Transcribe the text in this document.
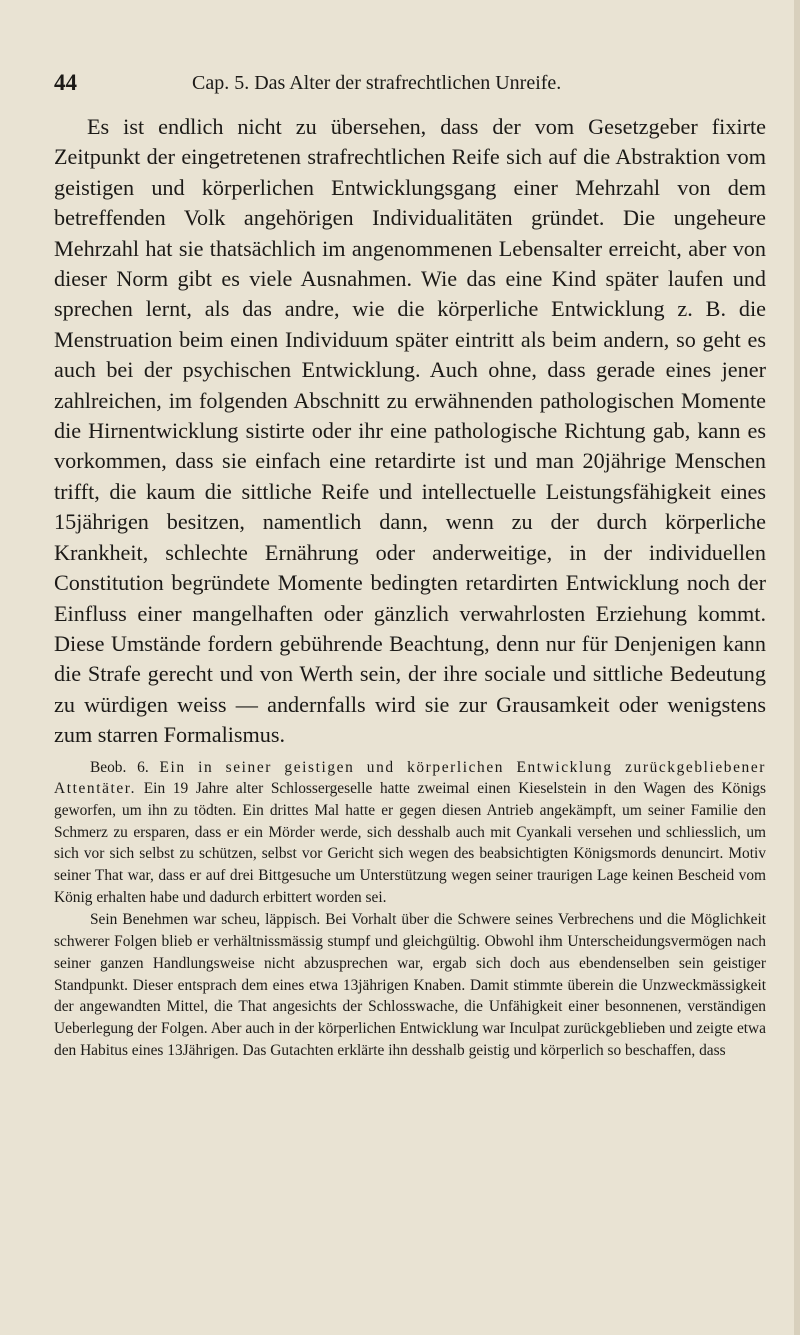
44	Cap. 5. Das Alter der strafrechtlichen Unreife.

Es ist endlich nicht zu übersehen, dass der vom Gesetzgeber fixirte Zeitpunkt der eingetretenen strafrechtlichen Reife sich auf die Abstraktion vom geistigen und körperlichen Entwicklungsgang einer Mehrzahl von dem betreffenden Volk angehörigen Individualitäten gründet. Die ungeheure Mehrzahl hat sie thatsächlich im angenommenen Lebensalter erreicht, aber von dieser Norm gibt es viele Ausnahmen. Wie das eine Kind später laufen und sprechen lernt, als das andre, wie die körperliche Entwicklung z. B. die Menstruation beim einen Individuum später eintritt als beim andern, so geht es auch bei der psychischen Entwicklung. Auch ohne, dass gerade eines jener zahlreichen, im folgenden Abschnitt zu erwähnenden pathologischen Momente die Hirnentwicklung sistirte oder ihr eine pathologische Richtung gab, kann es vorkommen, dass sie einfach eine retardirte ist und man 20jährige Menschen trifft, die kaum die sittliche Reife und intellectuelle Leistungsfähigkeit eines 15jährigen besitzen, namentlich dann, wenn zu der durch körperliche Krankheit, schlechte Ernährung oder anderweitige, in der individuellen Constitution begründete Momente bedingten retardirten Entwicklung noch der Einfluss einer mangelhaften oder gänzlich verwahrlosten Erziehung kommt. Diese Umstände fordern gebührende Beachtung, denn nur für Denjenigen kann die Strafe gerecht und von Werth sein, der ihre sociale und sittliche Bedeutung zu würdigen weiss — andernfalls wird sie zur Grausamkeit oder wenigstens zum starren Formalismus.

Beob. 6. Ein in seiner geistigen und körperlichen Entwicklung zurückgebliebener Attentäter. Ein 19 Jahre alter Schlossergeselle hatte zweimal einen Kieselstein in den Wagen des Königs geworfen, um ihn zu tödten. Ein drittes Mal hatte er gegen diesen Antrieb angekämpft, um seiner Familie den Schmerz zu ersparen, dass er ein Mörder werde, sich desshalb auch mit Cyankali versehen und schliesslich, um sich vor sich selbst zu schützen, selbst vor Gericht sich wegen des beabsichtigten Königsmords denuncirt. Motiv seiner That war, dass er auf drei Bittgesuche um Unterstützung wegen seiner traurigen Lage keinen Bescheid vom König erhalten habe und dadurch erbittert worden sei.

Sein Benehmen war scheu, läppisch. Bei Vorhalt über die Schwere seines Verbrechens und die Möglichkeit schwerer Folgen blieb er verhältnissmässig stumpf und gleichgültig. Obwohl ihm Unterscheidungsvermögen nach seiner ganzen Handlungsweise nicht abzusprechen war, ergab sich doch aus ebendenselben sein geistiger Standpunkt. Dieser entsprach dem eines etwa 13jährigen Knaben. Damit stimmte überein die Unzweckmässigkeit der angewandten Mittel, die That angesichts der Schlosswache, die Unfähigkeit einer besonnenen, verständigen Ueberlegung der Folgen. Aber auch in der körperlichen Entwicklung war Inculpat zurückgeblieben und zeigte etwa den Habitus eines 13Jährigen. Das Gutachten erklärte ihn desshalb geistig und körperlich so beschaffen, dass
